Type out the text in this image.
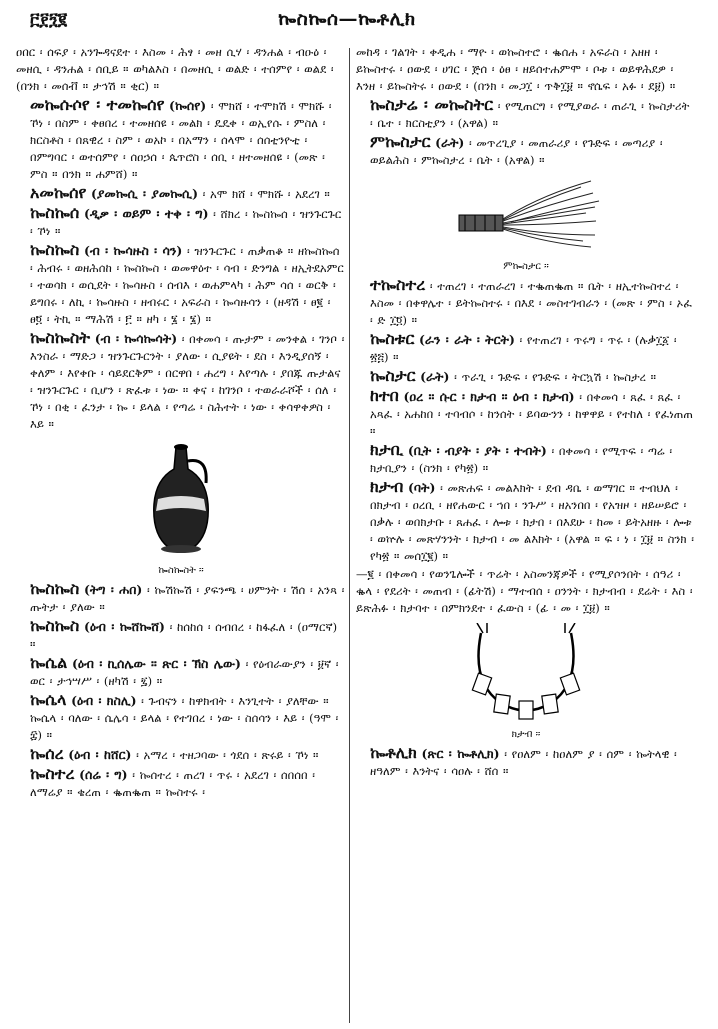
፫፻፺፪	ኰስኰሰ—ኰቶሊክ

ዐበር ፡ ሰፍያ ፡ አንጐዳናደተ ፡ እስመ ፡ ሕፃ ፡ መዘ ሲሃ ፡ ዳንሐል ፡ ብዑዕ ፡ መዘሲ ፡ ዳንሐል ፡ ሰቢይ ። ወካልእስ ፡ በመዘሲ ፡ ወልድ ፡ ተሰምየ ፡ ወልደ ፡ (በንክ ፡ መሰቭ ። ታኅሽ ። ቂር) ።

መኰሱሶየ ፡ ተመኰሰየ (ኰሰየ) ፡ ሞክሸ ፡ ተሞክሽ ፡ ሞክሹ ፡ ኾነ ፡ በስም ፡ ቀፀበረ ፡ ተመዘሰዩ ፡ መልክ ፡ ዴዴቀ ፡ ወኢየሱ ፡ ምስለ ፡ ክርስቶስ ፡ በጸዊረ ፡ ስም ፡ ወአኮ ፡ በአማን ፡ ሰላሞ ፡ ሰሰቲንዮቲ ፡ በምግባር ፡ ወተሰምየ ፡ ሰዐኃሰ ፡ ጴጥሮስ ፡ ሰቢ ፡ ዘተመዘሰዩ ፡ (መጽ ፡ ምስ ። በንክ ። ሐምሸ) ።

አመኰሰየ (ያመኰሲ ፡ ያመኰሲ) ፡ አሞ ክሸ ፡ ሞክሹ ፡ አደረገ ።

ኰስኰሰ (ዲቃ ፡ ወይም ፡ ተቀ ፡ ግ) ፡ ሸክረ ፡ ኰስኰሰ ፡ ዝንጉርጉር ፡ ኾነ ።

ኰስኰስ (ብ ፡ ኰሳዙስ ፡ ሳን) ፡ ዝንጉርጉር ፡ ጠቃጠቆ ። ዘኰስኰሰ ፡ ሕብሩ ፡ ወዘሕሰከ ፡ ኰስኰስ ፡ ወመዋዕተ ፡ ሳብ ፡ ድንግል ፡ ዘኢትደአምር ፡ ተወሳክ ፡ ወሲደት ፡ ኰሳዙስ ፡ ሰብእ ፡ ወሐምላካ ፡ ሕም ሳሰ ፡ ወርቅ ፡ ይግበሩ ፡ ለኪ ፡ ኰሳዙስ ፡ ዘብሩር ፡ አፍራስ ፡ ኰሳዙሳን ፡ (ዘዳሽ ፡ ፀ፪ ፡ ፀ፬ ፡ ትኪ ። ማሕሽ ፡ ፫ ። ዘካ ፡ ፮ ፡ ፮) ።

ኰስኰስት (ብ ፡ ኰሳኰሳት) ፡ በቀመሳ ፡ ጡታም ፡ መንቀል ፡ ገንቦ ፡ እንስራ ፡ ማድጋ ፡ ዝንጉርጉርንት ፡ ያለው ፡ ሲያዩት ፡ ደስ ፡ እንዲያሰኝ ፡ ቀለም ፡ እየቀቡ ፡ ሳይደርቅም ፡ በርዋበ ፡ ሐረግ ፡ እየጣሉ ፡ ያበጁ ጡታልና ፡ ዝንጉርጉር ፡ ቢሆን ፡ ጽፈቱ ፡ ነው ። ቀና ፡ ከገንቦ ፡ ተወራራሾች ፡ ሰለ ፡ ኾነ ፡ በቂ ፡ ፈንታ ፡ ኰ ፡ ይላል ፡ የጣሬ ፡ ስሕተት ፡ ነው ፡ ቀሳዋቀዎስ ፡ እይ ።

ኰስኰስት ።

ኰስኰስ (ትግ ፡ ሐበ) ፡ ኰሽኰሽ ፡ ያፍንጫ ፡ ሀምንት ፡ ሽሰ ፡ አንጻ ፡ ጡትታ ፡ ያለው ።

ኰስኰስ (ዕብ ፡ ኰሸኰሸ) ፡ ከሰከሰ ፡ ሰብበረ ፡ ከፋፈለ ፡ (ዐማርኛ) ።

ኰሴል (ዕብ ፡ ኪሰሌው ። ጽር ፡ ኽስ ሌው) ፡ የዕብራውያን ፡ ፱ኛ ፡ ወር ፡ ታኅሣሥ ፡ (ዘካሽ ፡ ፯) ።

ኰሴላ (ዕብ ፡ ክስሊ) ፡ ጉብናን ፡ ከዋክብት ፡ እንጊተት ፡ ያለቸው ። ኰሴላ ፡ ባለው ፡ ሴሌሳ ፡ ይላል ፡ የተገበረ ፡ ነው ፡ ስሰሳን ፡ እይ ፡ (ዓሞ ፡ ፰) ።

ኰሰረ (ዕብ ፡ ከሸር) ፡ አማረ ፡ ተዘጋባው ፡ ጎደሰ ፡ ጽሩይ ፡ ኾነ ።

ኰስተረ (ሰሬ ፡ ግ) ፡ ኰሰተረ ፡ ጠረገ ፡ ጥሩ ፡ አደረገ ፡ ሰበሰበ ፡ ለማሬያ ። ቄረጠ ፡ ቈጠቈጠ ። ኰስተሩ ፡

መከዳ ፡ ገልገት ፡ ቀዲሐ ፡ ማዮ ፡ ወኰስተሮ ፡ ቈሰሐ ፡ አፍራስ ፡ አዘዘ ፡ ይኰስተሩ ፡ ዐውደ ፡ ሀገር ፡ ጅሰ ፡ ዕፀ ፡ ዘይሰተሐምሞ ፡ ቦቱ ፡ ወይዋሕደዎ ፡ እንዘ ፡ ይኰስትሩ ፡ ዐውደ ፡ (በንክ ፡ መጋ፲ ፡ ጥቅ፲፱ ። ኖሴፍ ፡ አፉ ፡ ደ፱) ።

ኰስታሬ ፡ መኰስትር ፡ የሚጠርግ ፡ የሚያወራ ፡ ጠራጊ ፡ ኰስታሪት ፡ ቤተ ፡ ክርስቲያን ፡ (አዋል) ።

ምኰስታር (ራት) ፡ መጥረጊያ ፡ መጠራሪያ ፡ የጉድፍ ፡ መጣሪያ ፡ ወይልሕስ ፡ ምኰስታረ ፡ ቤት ፡ (አዋል) ።

ምኰስታር ።

ተኰስተረ ፡ ተጠረገ ፡ ተጠራረገ ፡ ተቈጠቈጠ ። ቤት ፡ ዘኢተኰስተረ ፡ እስመ ፡ በቀዋሌተ ፡ ይትኰስተሩ ፡ በእደ ፡ መስተገብራን ፡ (መጽ ፡ ምስ ፡ ኦፈ ፡ ድ ፲፬) ።

ኰስቱር (ራን ፡ ራት ፡ ትርት) ፡ የተጠረገ ፡ ጥሩግ ፡ ጥሩ ፡ (ሉቃ፲፩ ፡ ፳፭) ።

ኰስታር (ራት) ፡ ጥራጊ ፡ ጉድፍ ፡ የጉድፍ ፡ ትርኳሽ ፡ ኰስታረ ።

ከተበ (ዐረ ። ሱር ፡ ክታብ ። ዕብ ፡ ክታብ) ፡ በቀመሳ ፡ ጸፈ ፡ ጸፈ ፡ አጻፈ ፡ አሐከበ ፡ ተባብሶ ፡ ከንሰት ፡ ይባውንን ፡ ከዋዋይ ፡ የተከለ ፡ የፈነጠጠ ።

ክታቢ (ቢት ፡ ብያት ፡ ያት ፡ ተብት) ፡ በቀመሳ ፡ የሚጥፍ ፡ ጣሬ ፡ ክታቢያን ፡ (ስንክ ፡ የካ፳) ።

ክታብ (ባት) ፡ መጽሐፍ ፡ መልእክት ፡ ደብ ዳቤ ፡ ወማገር ። ተብህለ ፡ በክታብ ፡ ዐረቢ ፡ ዘየሐውር ፡ ኀበ ፡ ንጉሥ ፡ ዘአንበበ ፡ የአዝዞ ፡ ዘይሠይሮ ፡ በቃሉ ፡ ወበክታቡ ፡ ጸሐፈ ፡ ሎቱ ፡ ክታበ ፡ በእደሁ ፡ ከመ ፡ ይትአዘዙ ፡ ሎቱ ፡ ወኵሉ ፡ መጽሃንንት ፡ ክታብ ፡ መ ልእክት ፡ (አዋል ። ፍ ፡ ነ ፡ ፲፱ ። ስንክ ፡ የካ፳ ። መሰ፲፪) ።

—፪ ፡ በቀመሳ ፡ የወንጌሎች ፡ ጥሬት ፡ አስመንጃዎች ፡ የሚያሶንበት ፡ ሰዓሪ ፡ ቈላ ፡ የደሪት ፡ መጠብ ፡ (ፊትሽ) ፡ ማተብሰ ፡ ዐንንት ፡ ክታብብ ፡ ደሬት ፡ እስ ፡ ይጽሕፉ ፡ ክታባተ ፡ በምክንደተ ፡ ፈውስ ፡ (ፊ ፡ መ ፡ ፲፱) ።

ክታብ ።

ኰቶሊክ (ጽር ፡ ኰቶሊክ) ፡ የዐለም ፡ ከዐለም ያ ፡ ሰም ፡ ኰትላዊ ፡ ዘዓለም ፡ እንትና ፡ ሳዐሉ ፡ ሸሰ ።
